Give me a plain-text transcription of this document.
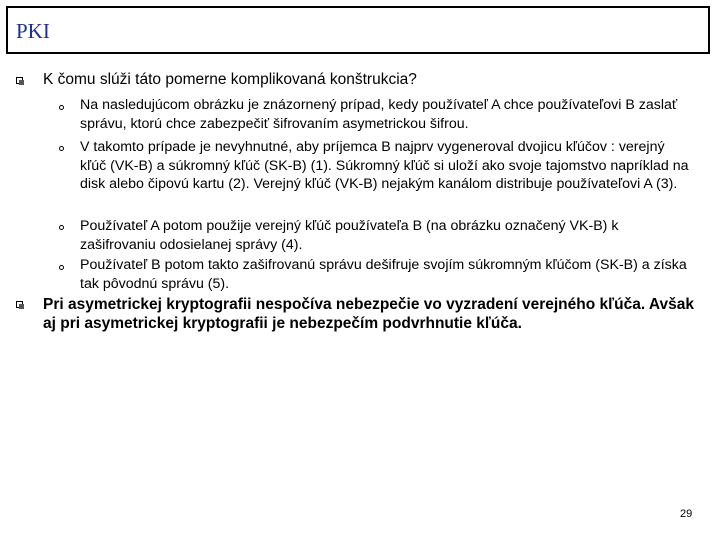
PKI
K čomu slúži táto pomerne komplikovaná konštrukcia?
Na nasledujúcom obrázku je znázornený prípad, kedy používateľ A chce používateľovi B zaslať správu, ktorú chce zabezpečiť šifrovaním asymetrickou šifrou.
V takomto prípade je nevyhnutné, aby príjemca B najprv vygeneroval dvojicu kľúčov : verejný kľúč (VK-B) a súkromný kľúč (SK-B) (1). Súkromný kľúč si uloží ako svoje tajomstvo napríklad na disk alebo čipovú kartu (2). Verejný kľúč (VK-B) nejakým kanálom distribuje používateľovi A (3).
Používateľ A potom použije verejný kľúč používateľa B (na obrázku označený VK-B) k zašifrovaniu odosielanej správy (4).
Používateľ B potom takto zašifrovanú správu dešifruje svojím súkromným kľúčom (SK-B) a získa tak pôvodnú správu (5).
Pri asymetrickej kryptografii nespočíva nebezpečie vo vyzradení verejného kľúča. Avšak aj pri asymetrickej kryptografii je nebezpečím podvrhnutie kľúča.
29
